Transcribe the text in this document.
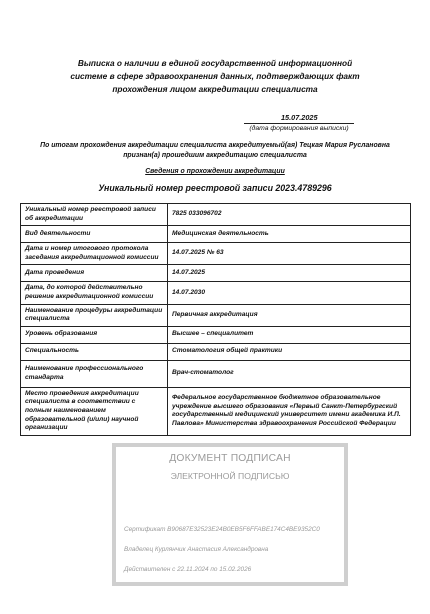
Выписка о наличии в единой государственной информационной
системе в сфере здравоохранения данных, подтверждающих факт
прохождения лицом аккредитации специалиста
15.07.2025
(дата формирования выписки)
По итогам прохождения аккредитации специалиста аккредитуемый(ая) Тецкая Мария Руслановна
признан(а) прошедшим аккредитацию специалиста
Сведения о прохождении аккредитации
Уникальный номер реестровой записи 2023.4789296
Уникальный номер реестровой записи об аккредитации	7825 033096702
Вид деятельности	Медицинская деятельность
Дата и номер итогового протокола заседания аккредитационной комиссии	14.07.2025 № 63
Дата проведения	14.07.2025
Дата, до которой действительно решение аккредитационной комиссии	14.07.2030
Наименование процедуры аккредитации специалиста	Первичная аккредитация
Уровень образования	Высшее – специалитет
Специальность	Стоматология общей практики
Наименование профессионального стандарта	Врач-стоматолог
Место проведения аккредитации специалиста в соответствии с полным наименованием образовательной (и/или) научной организации	Федеральное государственное бюджетное образовательное учреждение высшего образования «Первый Санкт-Петербургский государственный медицинский университет имени академика И.П. Павлова» Министерства здравоохранения Российской Федерации
ДОКУМЕНТ ПОДПИСАН
ЭЛЕКТРОННОЙ ПОДПИСЬЮ
Сертификат B90687E32523E24B0EB5F6FFABE174C4BE9352C0
Владелец Курлянчик Анастасия Александровна
Действителен с 22.11.2024 по 15.02.2026
